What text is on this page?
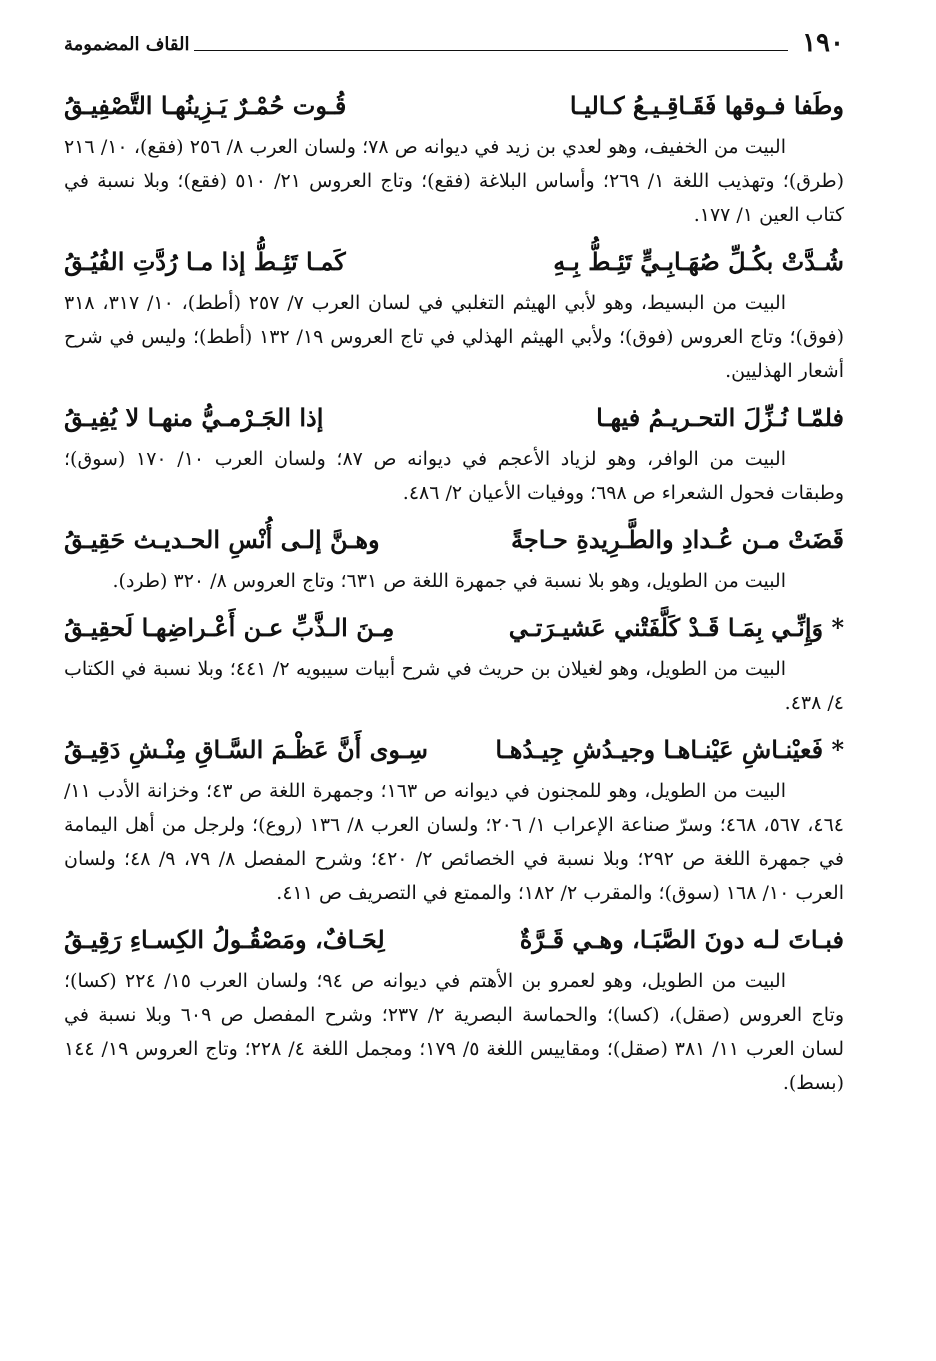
القاف المضمومة	١٩٠
وطَفا فـوقها فَقَـاقِـيـعُ كـاليـا
قُـوت حُمْـرٌ يَـزِينُهـا التَّصْفِيـقُ

البيت من الخفيف، وهو لعدي بن زيد في ديوانه ص ٧٨؛ ولسان العرب ٨/ ٢٥٦ (فقع)، ١٠/ ٢١٦ (طرق)؛ وتهذيب اللغة ١/ ٢٦٩؛ وأساس البلاغة (فقع)؛ وتاج العروس ٢١/ ٥١٠ (فقع)؛ وبلا نسبة في كتاب العين ١/ ١٧٧.

شُـدَّتْ بكُـلِّ صُهَـابِـيٍّ تَئِـطُّ بِـهِ
كَمـا تَئِـطُّ إذا مـا رُدَّتِ الفُيُـقُ

البيت من البسيط، وهو لأبي الهيثم التغلبي في لسان العرب ٧/ ٢٥٧ (أطط)، ١٠/ ٣١٧، ٣١٨ (فوق)؛ وتاج العروس (فوق)؛ ولأبي الهيثم الهذلي في تاج العروس ١٩/ ١٣٢ (أطط)؛ وليس في شرح أشعار الهذليين.

فلمّـا نُـزِّلَ التحـريـمُ فيهـا
إذا الجَـرْمـيُّ منهـا لا يُفِيـقُ

البيت من الوافر، وهو لزياد الأعجم في ديوانه ص ٨٧؛ ولسان العرب ١٠/ ١٧٠ (سوق)؛ وطبقات فحول الشعراء ص ٦٩٨؛ ووفيات الأعيان ٢/ ٤٨٦.

قَضَتْ مـن عُـدادِ والطَّـرِيدةِ حـاجةً
وهـنَّ إلـى أُنْسِ الحـديـث حَقِيـقُ

البيت من الطويل، وهو بلا نسبة في جمهرة اللغة ص ٦٣١؛ وتاج العروس ٨/ ٣٢٠ (طرد).

* وَإِنِّـي بِمَـا قَـدْ كَلَّفَتْني عَشيـرَتـي
مِـنَ الـذَّبِّ عـن أَعْـراضِهـا لَحقِيـقُ

البيت من الطويل، وهو لغيلان بن حريث في شرح أبيات سيبويه ٢/ ٤٤١؛ وبلا نسبة في الكتاب ٤/ ٤٣٨.

* فَعيْنـاشِ عَيْنـاهـا وجيـدُشِ جِيـدُهـا
سِـوى أَنَّ عَظْـمَ السَّـاقِ مِنْـشِ دَقِيـقُ

البيت من الطويل، وهو للمجنون في ديوانه ص ١٦٣؛ وجمهرة اللغة ص ٤٣؛ وخزانة الأدب ١١/ ٤٦٤، ٥٦٧، ٤٦٨؛ وسرّ صناعة الإعراب ١/ ٢٠٦؛ ولسان العرب ٨/ ١٣٦ (روع)؛ ولرجل من أهل اليمامة في جمهرة اللغة ص ٢٩٢؛ وبلا نسبة في الخصائص ٢/ ٤٢٠؛ وشرح المفصل ٨/ ٧٩، ٩/ ٤٨؛ ولسان العرب ١٠/ ١٦٨ (سوق)؛ والمقرب ٢/ ١٨٢؛ والممتع في التصريف ص ٤١١.

فبـاتَ لـه دونَ الصَّبَـا، وهـي قَـرَّةٌ
لِحَـافٌ، ومَصْقُـولُ الكِسـاءِ رَقِيـقُ

البيت من الطويل، وهو لعمرو بن الأهتم في ديوانه ص ٩٤؛ ولسان العرب ١٥/ ٢٢٤ (كسا)؛ وتاج العروس (صقل)، (كسا)؛ والحماسة البصرية ٢/ ٢٣٧؛ وشرح المفصل ص ٦٠٩ وبلا نسبة في لسان العرب ١١/ ٣٨١ (صقل)؛ ومقاييس اللغة ٥/ ١٧٩؛ ومجمل اللغة ٤/ ٢٢٨؛ وتاج العروس ١٩/ ١٤٤ (بسط).
